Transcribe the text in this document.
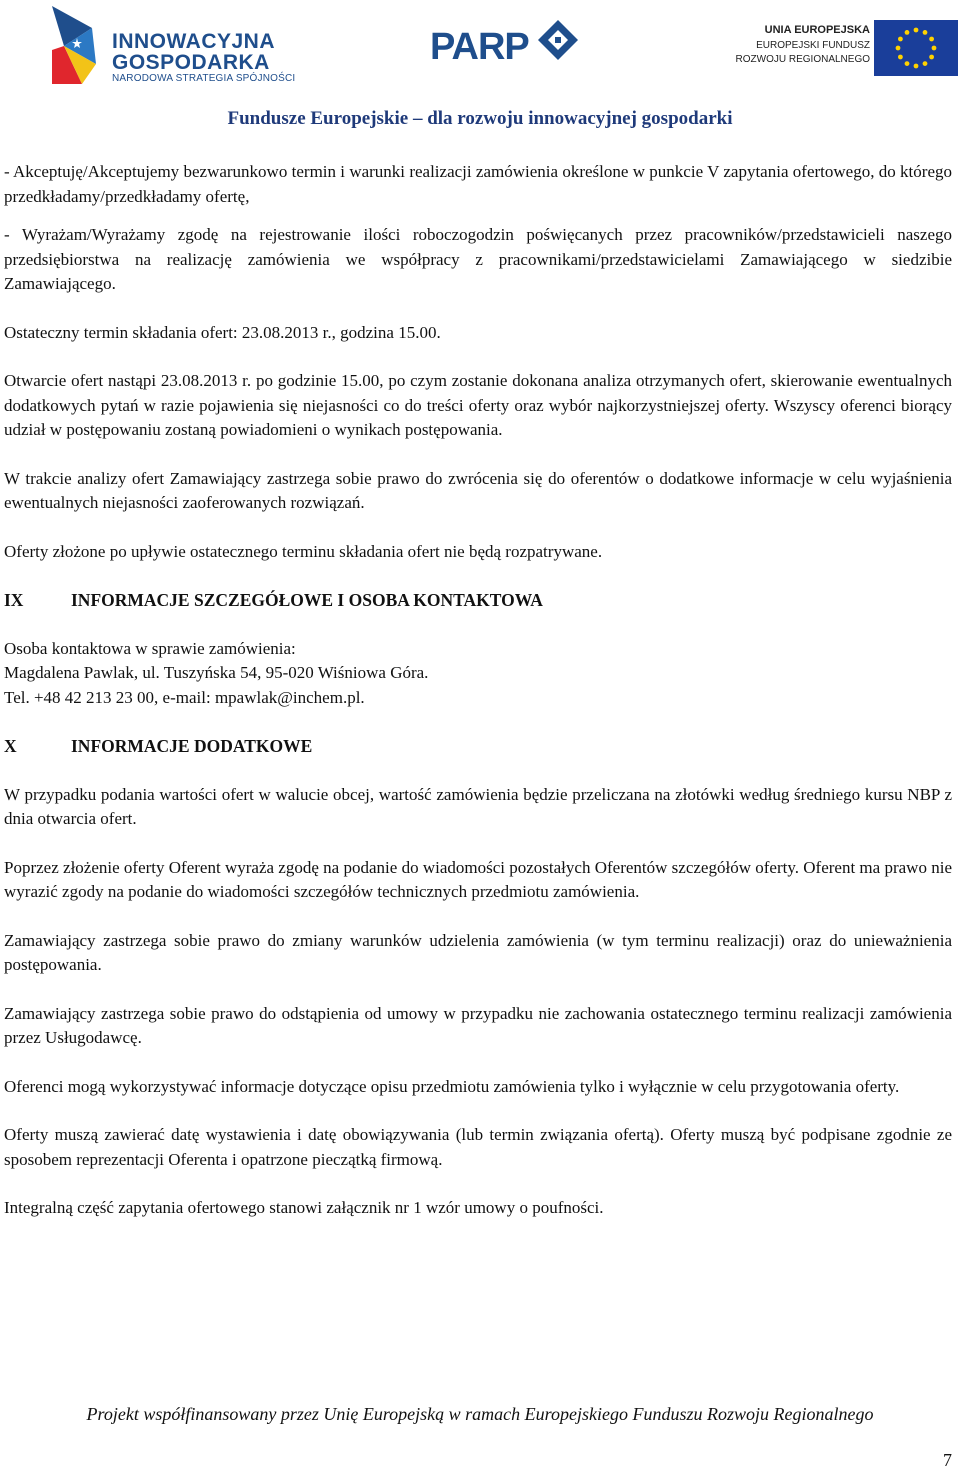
INNOWACYJNA
GOSPODARKA
NARODOWA STRATEGIA SPÓJNOŚCI
PARP	UNIA EUROPEJSKA
EUROPEJSKI FUNDUSZ
ROZWOJU REGIONALNEGO
Fundusze Europejskie – dla rozwoju innowacyjnej gospodarki

- Akceptuję/Akceptujemy bezwarunkowo termin i warunki realizacji zamówienia określone w punkcie V zapytania ofertowego, do którego przedkładamy/przedkładamy ofertę,

- Wyrażam/Wyrażamy zgodę na rejestrowanie ilości roboczogodzin poświęcanych przez pracowników/przedstawicieli naszego przedsiębiorstwa na realizację zamówienia we współpracy z pracownikami/przedstawicielami Zamawiającego w siedzibie Zamawiającego.

Ostateczny termin składania ofert: 23.08.2013 r., godzina 15.00.

Otwarcie ofert nastąpi 23.08.2013 r. po godzinie 15.00, po czym zostanie dokonana analiza otrzymanych ofert, skierowanie ewentualnych dodatkowych pytań w razie pojawienia się niejasności co do treści oferty oraz wybór najkorzystniejszej oferty. Wszyscy oferenci biorący udział w postępowaniu zostaną powiadomieni o wynikach postępowania.

W trakcie analizy ofert Zamawiający zastrzega sobie prawo do zwrócenia się do oferentów o dodatkowe informacje w celu wyjaśnienia ewentualnych niejasności zaoferowanych rozwiązań.

Oferty złożone po upływie ostatecznego terminu składania ofert nie będą rozpatrywane.

IX	INFORMACJE SZCZEGÓŁOWE I OSOBA KONTAKTOWA

Osoba kontaktowa w sprawie zamówienia:

Magdalena Pawlak, ul. Tuszyńska 54, 95-020 Wiśniowa Góra.

Tel. +48 42 213 23 00, e-mail: mpawlak@inchem.pl.

X	INFORMACJE DODATKOWE

W przypadku podania wartości ofert w walucie obcej, wartość zamówienia będzie przeliczana na złotówki według średniego kursu NBP z dnia otwarcia ofert.

Poprzez złożenie oferty Oferent wyraża zgodę na podanie do wiadomości pozostałych Oferentów szczegółów oferty. Oferent ma prawo nie wyrazić zgody na podanie do wiadomości szczegółów technicznych przedmiotu zamówienia.

Zamawiający zastrzega sobie prawo do zmiany warunków udzielenia zamówienia (w tym terminu realizacji) oraz do unieważnienia postępowania.

Zamawiający zastrzega sobie prawo do odstąpienia od umowy w przypadku nie zachowania ostatecznego terminu realizacji zamówienia przez Usługodawcę.

Oferenci mogą wykorzystywać informacje dotyczące opisu przedmiotu zamówienia tylko i wyłącznie w celu przygotowania oferty.

Oferty muszą zawierać datę wystawienia i datę obowiązywania (lub termin związania ofertą). Oferty muszą być podpisane zgodnie ze sposobem reprezentacji Oferenta i opatrzone pieczątką firmową.

Integralną część zapytania ofertowego stanowi załącznik nr 1 wzór umowy o poufności.

Projekt współfinansowany przez Unię Europejską w ramach Europejskiego Funduszu Rozwoju Regionalnego
7
